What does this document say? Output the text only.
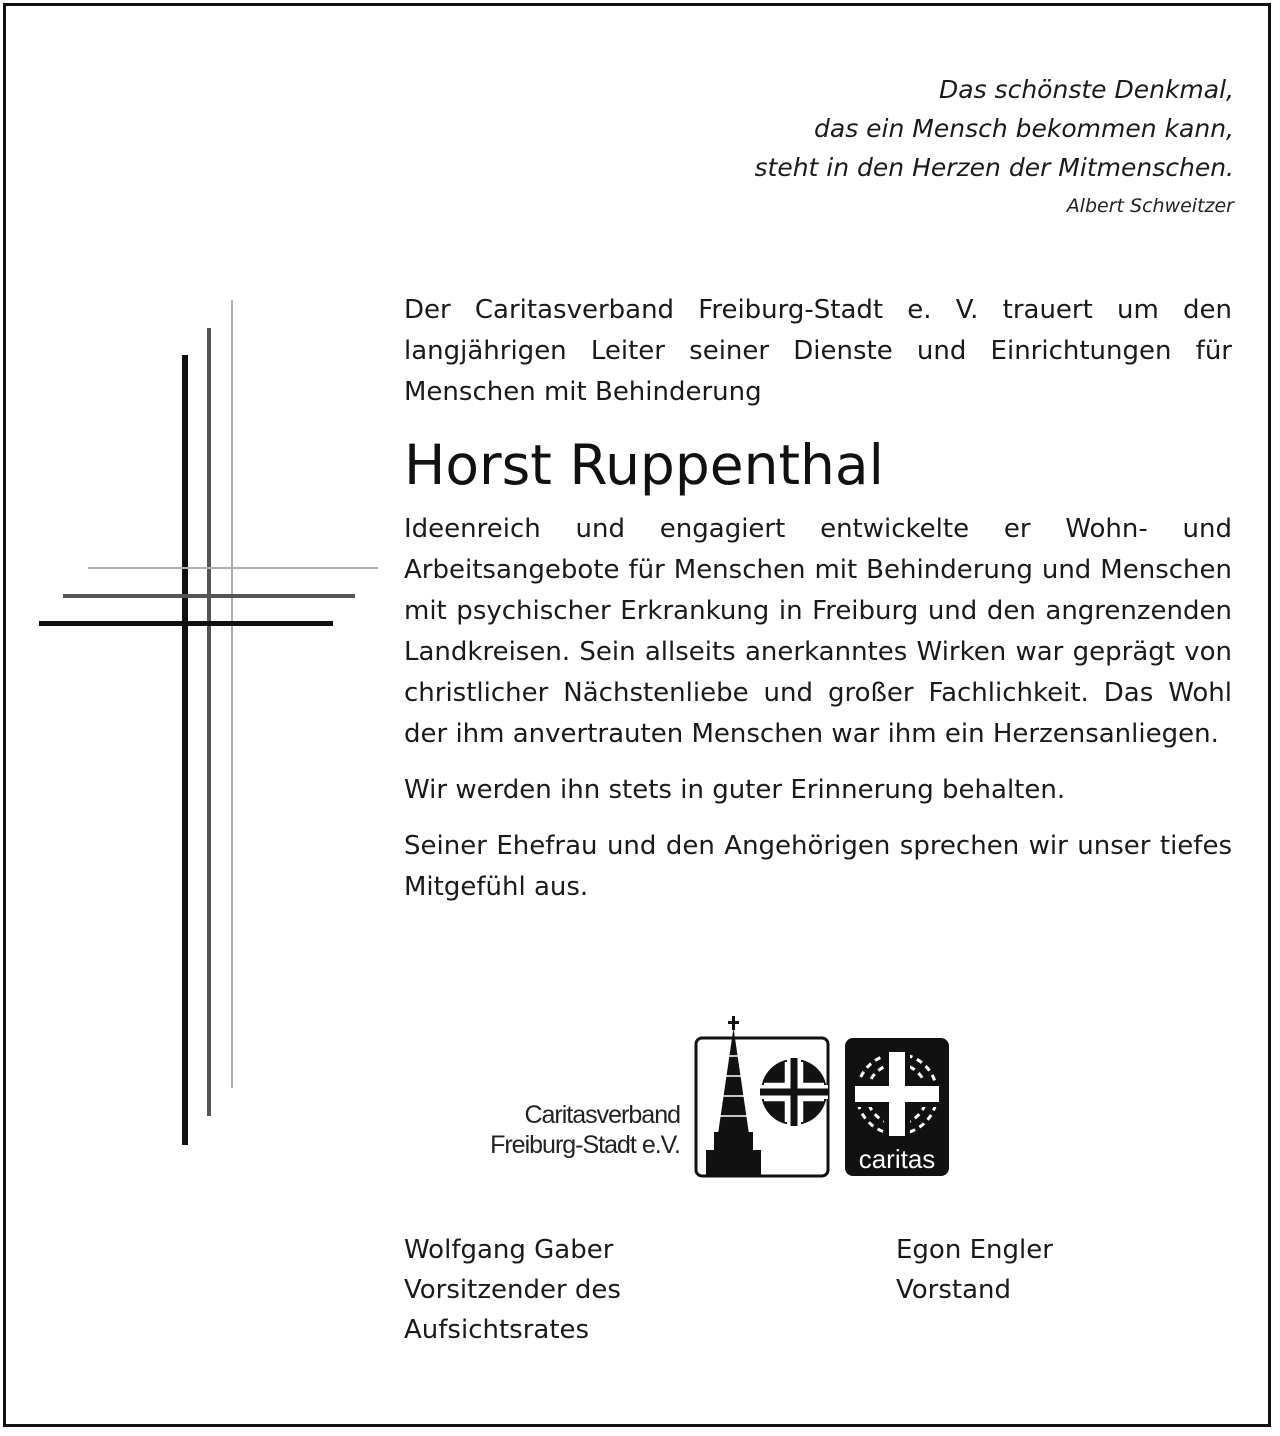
Das schönste Denkmal,
das ein Mensch bekommen kann,
steht in den Herzen der Mitmenschen.
Albert Schweitzer

Der Caritasverband Freiburg-Stadt e. V. trauert um den langjährigen Leiter seiner Dienste und Einrichtungen für Menschen mit Behinderung

Horst Ruppenthal

Ideenreich und engagiert entwickelte er Wohn- und Arbeitsangebote für Menschen mit Behinderung und Menschen mit psychischer Erkrankung in Freiburg und den angrenzenden Landkreisen. Sein allseits anerkanntes Wirken war geprägt von christlicher Nächstenliebe und großer Fachlichkeit. Das Wohl der ihm anvertrauten Menschen war ihm ein Herzensanliegen.

Wir werden ihn stets in guter Erinnerung behalten.

Seiner Ehefrau und den Angehörigen sprechen wir unser tiefes Mitgefühl aus.

Caritasverband
Freiburg-Stadt e.V.	caritas
Wolfgang Gaber
Vorsitzender des
Aufsichtsrates
Egon Engler
Vorstand
